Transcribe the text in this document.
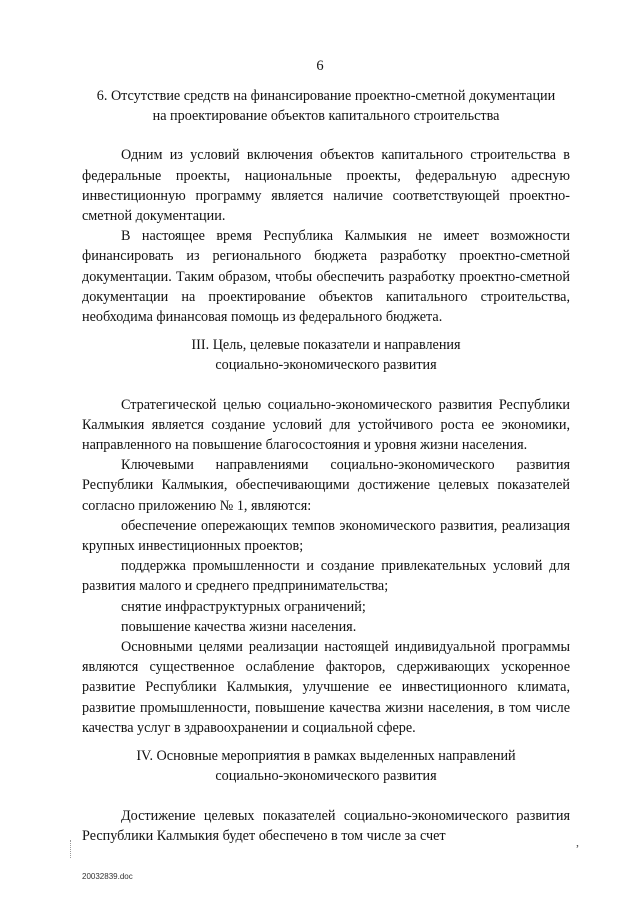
6
6. Отсутствие средств на финансирование проектно-сметной документации
на проектирование объектов капитального строительства

Одним из условий включения объектов капитального строительства в федеральные проекты, национальные проекты, федеральную адресную инвестиционную программу является наличие соответствующей проектно-сметной документации.

В настоящее время Республика Калмыкия не имеет возможности финансировать из регионального бюджета разработку проектно-сметной документации. Таким образом, чтобы обеспечить разработку проектно-сметной документации на проектирование объектов капитального строительства, необходима финансовая помощь из федерального бюджета.

III. Цель, целевые показатели и направления
социально-экономического развития

Стратегической целью социально-экономического развития Республики Калмыкия является создание условий для устойчивого роста ее экономики, направленного на повышение благосостояния и уровня жизни населения.

Ключевыми направлениями социально-экономического развития Республики Калмыкия, обеспечивающими достижение целевых показателей согласно приложению № 1, являются:

обеспечение опережающих темпов экономического развития, реализация крупных инвестиционных проектов;

поддержка промышленности и создание привлекательных условий для развития малого и среднего предпринимательства;

снятие инфраструктурных ограничений;

повышение качества жизни населения.

Основными целями реализации настоящей индивидуальной программы являются существенное ослабление факторов, сдерживающих ускоренное развитие Республики Калмыкия, улучшение ее инвестиционного климата, развитие промышленности, повышение качества жизни населения, в том числе качества услуг в здравоохранении и социальной сфере.

IV. Основные мероприятия в рамках выделенных направлений
социально-экономического развития

Достижение целевых показателей социально-экономического развития Республики Калмыкия будет обеспечено в том числе за счет	,
20032839.doc
